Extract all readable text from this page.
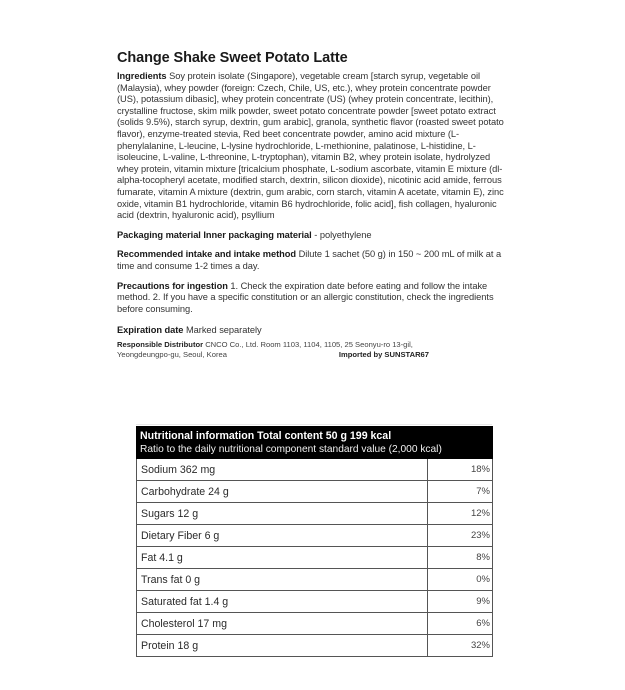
Change Shake Sweet Potato Latte

Ingredients Soy protein isolate (Singapore), vegetable cream [starch syrup, vegetable oil (Malaysia), whey powder (foreign: Czech, Chile, US, etc.), whey protein concentrate powder (US), potassium dibasic], whey protein concentrate (US) (whey protein concentrate, lecithin), crystalline fructose, skim milk powder, sweet potato concentrate powder [sweet potato extract (solids 9.5%), starch syrup, dextrin, gum arabic], granola, synthetic flavor (roasted sweet potato flavor), enzyme-treated stevia, Red beet concentrate powder, amino acid mixture (L-phenylalanine, L-leucine, L-lysine hydrochloride, L-methionine, palatinose, L-histidine, L-isoleucine, L-valine, L-threonine, L-tryptophan), vitamin B2, whey protein isolate, hydrolyzed whey protein, vitamin mixture [tricalcium phosphate, L-sodium ascorbate, vitamin E mixture (dl-alpha-tocopheryl acetate, modified starch, dextrin, silicon dioxide), nicotinic acid amide, ferrous fumarate, vitamin A mixture (dextrin, gum arabic, corn starch, vitamin A acetate, vitamin E), zinc oxide, vitamin B1 hydrochloride, vitamin B6 hydrochloride, folic acid], fish collagen, hyaluronic acid (dextrin, hyaluronic acid), psyllium

Packaging material Inner packaging material - polyethylene

Recommended intake and intake method Dilute 1 sachet (50 g) in 150 ~ 200 mL of milk at a time and consume 1-2 times a day.

Precautions for ingestion 1. Check the expiration date before eating and follow the intake method. 2. If you have a specific constitution or an allergic constitution, check the ingredients before consuming.

Expiration date Marked separately

Responsible Distributor CNCO Co., Ltd. Room 1103, 1104, 1105, 25 Seonyu-ro 13-gil,

Yeongdeungpo-gu, Seoul, Korea	Imported by SUNSTAR67
Nutritional information Total content 50 g 199 kcal
Ratio to the daily nutritional component standard value (2,000 kcal)	

Sodium 362 mg	18%
Carbohydrate 24 g	7%
Sugars 12 g	12%
Dietary Fiber 6 g	23%
Fat 4.1 g	8%
Trans fat 0 g	0%
Saturated fat 1.4 g	9%
Cholesterol 17 mg	6%
Protein 18 g	32%
